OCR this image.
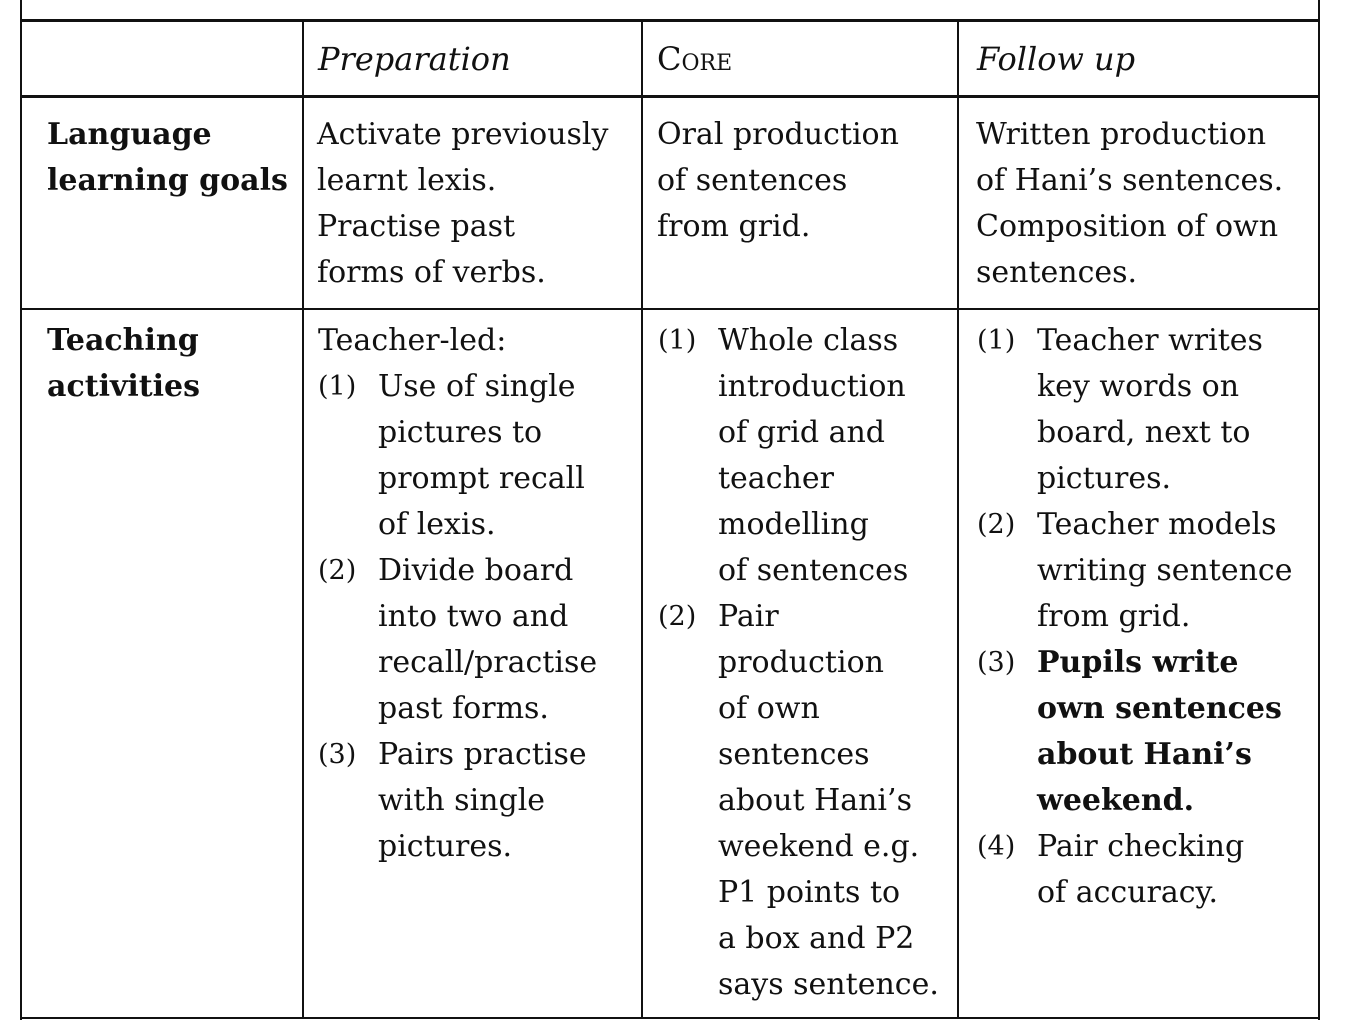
Preparation	Core	Follow up
Language
learning goals
Activate previously
learnt lexis.
Practise past
forms of verbs.
Oral production
of sentences
from grid.
Written production
of Hani’s sentences.
Composition of own
sentences.
Teaching
activities
Teacher-led:
(1) Use of single
pictures to
prompt recall
of lexis.
(2) Divide board
into two and
recall/practise
past forms.
(3) Pairs practise
with single
pictures.
(1) Whole class
introduction
of grid and
teacher
modelling
of sentences
(2) Pair
production
of own
sentences
about Hani’s
weekend e.g.
P1 points to
a box and P2
says sentence.
(1) Teacher writes
key words on
board, next to
pictures.
(2) Teacher models
writing sentence
from grid.
(3) Pupils write
own sentences
about Hani’s
weekend.
(4) Pair checking
of accuracy.
